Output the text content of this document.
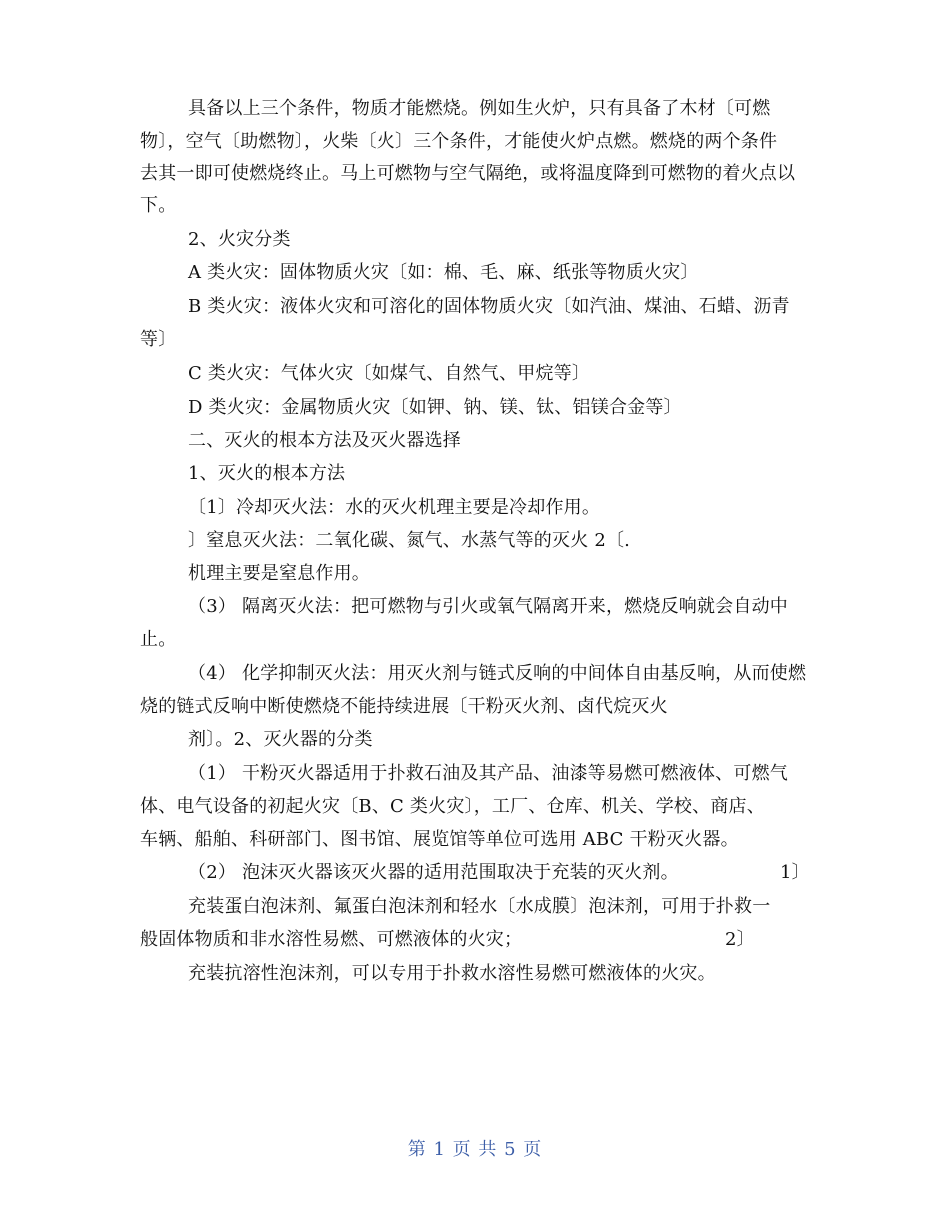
具备以上三个条件，物质才能燃烧。例如生火炉，只有具备了木材〔可燃
物〕，空气〔助燃物〕，火柴〔火〕三个条件，才能使火炉点燃。燃烧的两个条件
去其一即可使燃烧终止。马上可燃物与空气隔绝，或将温度降到可燃物的着火点以
下。
2、火灾分类
A 类火灾：固体物质火灾〔如：棉、毛、麻、纸张等物质火灾〕
B 类火灾：液体火灾和可溶化的固体物质火灾〔如汽油、煤油、石蜡、沥青
等〕
C 类火灾：气体火灾〔如煤气、自然气、甲烷等〕
D 类火灾：金属物质火灾〔如钾、钠、镁、钛、铝镁合金等〕
二、灭火的根本方法及灭火器选择
1、灭火的根本方法
〔1〕冷却灭火法：水的灭火机理主要是冷却作用。
〕窒息灭火法：二氧化碳、氮气、水蒸气等的灭火 2〔.
机理主要是窒息作用。
（3） 隔离灭火法：把可燃物与引火或氧气隔离开来，燃烧反响就会自动中
止。
（4） 化学抑制灭火法：用灭火剂与链式反响的中间体自由基反响，从而使燃
烧的链式反响中断使燃烧不能持续进展〔干粉灭火剂、卤代烷灭火
剂〕。2、灭火器的分类
（1） 干粉灭火器适用于扑救石油及其产品、油漆等易燃可燃液体、可燃气
体、电气设备的初起火灾〔B、C 类火灾〕，工厂、仓库、机关、学校、商店、
车辆、船舶、科研部门、图书馆、展览馆等单位可选用 ABC 干粉灭火器。
（2） 泡沫灭火器该灭火器的适用范围取决于充装的灭火剂。	1〕
充装蛋白泡沫剂、氟蛋白泡沫剂和轻水〔水成膜〕泡沫剂，可用于扑救一
般固体物质和非水溶性易燃、可燃液体的火灾；	2〕
充装抗溶性泡沫剂，可以专用于扑救水溶性易燃可燃液体的火灾。
第 1 页 共 5 页
